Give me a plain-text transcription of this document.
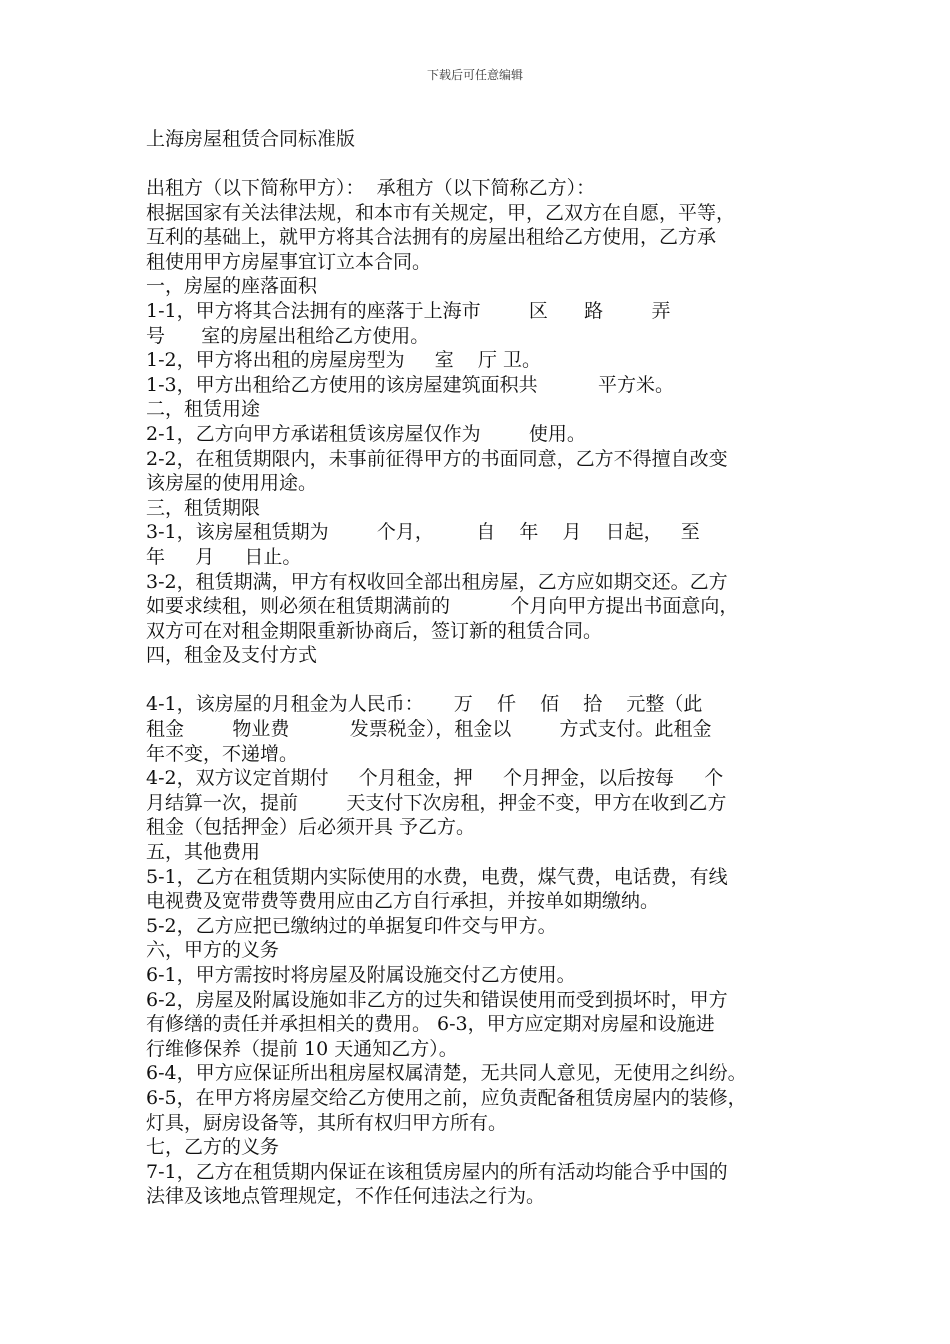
下载后可任意编辑
上海房屋租赁合同标准版
出租方（以下简称甲方）：  承租方（以下简称乙方）：
根据国家有关法律法规，和本市有关规定，甲，乙双方在自愿，平等，
互利的基础上，就甲方将其合法拥有的房屋出租给乙方使用，乙方承
租使用甲方房屋事宜订立本合同。
一，房屋的座落面积
1-1，甲方将其合法拥有的座落于上海市        区      路        弄
号      室的房屋出租给乙方使用。
1-2，甲方将出租的房屋房型为     室    厅 卫。
1-3，甲方出租给乙方使用的该房屋建筑面积共          平方米。
二，租赁用途
2-1，乙方向甲方承诺租赁该房屋仅作为        使用。
2-2，在租赁期限内，未事前征得甲方的书面同意，乙方不得擅自改变
该房屋的使用用途。
三，租赁期限
3-1，该房屋租赁期为        个月，       自    年    月    日起，   至
年     月     日止。
3-2，租赁期满，甲方有权收回全部出租房屋，乙方应如期交还。乙方
如要求续租，则必须在租赁期满前的          个月向甲方提出书面意向，
双方可在对租金期限重新协商后，签订新的租赁合同。
四，租金及支付方式
4-1，该房屋的月租金为人民币：     万    仟    佰    拾    元整（此
租金        物业费          发票税金），租金以        方式支付。此租金
年不变，不递增。
4-2，双方议定首期付     个月租金，押     个月押金，以后按每     个
月结算一次，提前        天支付下次房租，押金不变，甲方在收到乙方
租金（包括押金）后必须开具 予乙方。
五，其他费用
5-1，乙方在租赁期内实际使用的水费，电费，煤气费，电话费，有线
电视费及宽带费等费用应由乙方自行承担，并按单如期缴纳。
5-2，乙方应把已缴纳过的单据复印件交与甲方。
六，甲方的义务
6-1，甲方需按时将房屋及附属设施交付乙方使用。
6-2，房屋及附属设施如非乙方的过失和错误使用而受到损坏时，甲方
有修缮的责任并承担相关的费用。 6-3，甲方应定期对房屋和设施进
行维修保养（提前 10 天通知乙方）。
6-4，甲方应保证所出租房屋权属清楚，无共同人意见，无使用之纠纷。
6-5，在甲方将房屋交给乙方使用之前，应负责配备租赁房屋内的装修，
灯具，厨房设备等，其所有权归甲方所有。
七，乙方的义务
7-1，乙方在租赁期内保证在该租赁房屋内的所有活动均能合乎中国的
法律及该地点管理规定，不作任何违法之行为。
